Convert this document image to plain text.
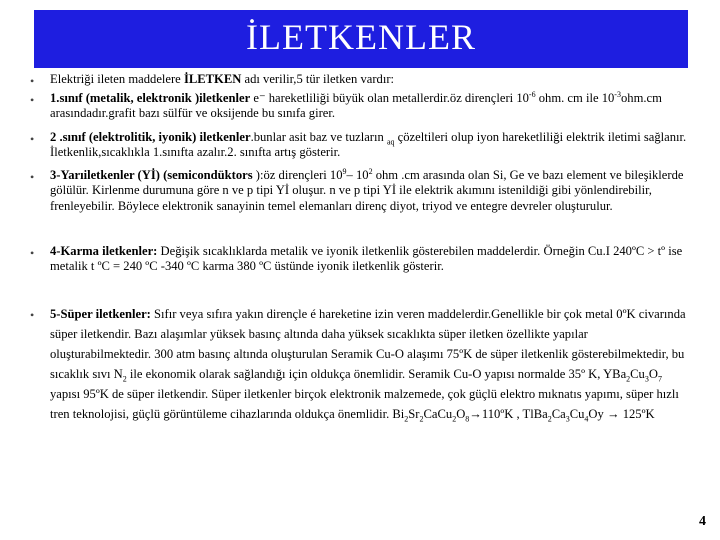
İLETKENLER
•	Elektriği ileten maddelere İLETKEN adı verilir,5 tür iletken vardır:
•	1.sınıf (metalik, elektronik )iletkenler e⁻ hareketliliği büyük olan metallerdir.öz dirençleri $10^{-6}$ ohm. cm ile $10^{-3}ohm.cm$ arasındadır.grafit bazı sülfür ve oksijende bu sınıfa girer.
•	2 .sınıf (elektrolitik, iyonik) iletkenler.bunlar asit baz ve tuzların $_{aq}$ çözeltileri olup iyon hareketliliği elektrik iletimi sağlanır. İletkenlik,sıcaklıkla 1.sınıfta azalır.2. sınıfta artış gösterir.
•	3-Yarıiletkenler (Yİ) (semicondüktors ):öz dirençleri $10^9-$ $10^2$ ohm .cm arasında olan Si, Ge ve bazı element ve bileşiklerde gölülür. Kirlenme durumuna göre n ve p tipi Yİ oluşur. n ve p tipi Yİ ile elektrik akımını istenildiği gibi yönlendirebilir, frenleyebilir. Böylece elektronik sanayinin temel elemanları direnç diyot, triyod ve entegre devreler oluşturulur.
•	4-Karma iletkenler: Değişik sıcaklıklarda metalik ve iyonik iletkenlik gösterebilen maddelerdir. Örneğin Cu.I 240ºC > tº ise metalik t ºC = 240 ºC -340 ºC karma 380 ºC üstünde iyonik iletkenlik gösterir.
•	5-Süper iletkenler: Sıfır veya sıfıra yakın dirençle é hareketine izin veren maddelerdir.Genellikle bir çok metal 0ºK civarında süper iletkendir. Bazı alaşımlar yüksek basınç altında daha yüksek sıcaklıkta süper iletken özellikte yapılar oluşturabilmektedir. 300 atm basınç altında oluşturulan Seramik Cu-O alaşımı 75ºK de süper iletkenlik gösterebilmektedir, bu sıcaklık sıvı $N_2$ ile ekonomik olarak sağlandığı için oldukça önemlidir. Seramik Cu-O yapısı normalde 35º K, $YBa_2Cu_3O_7$ yapısı 95ºK de süper iletkendir. Süper iletkenler birçok elektronik malzemede, çok güçlü elektro mıknatıs yapımı, süper hızlı tren teknolojisi, güçlü görüntüleme cihazlarında oldukça önemlidir. $Bi_2Sr_2CaCu_2O_8\to 110ºK$ , $TlBa_2Ca_3Cu_4Oy$ → 125ºK
4
